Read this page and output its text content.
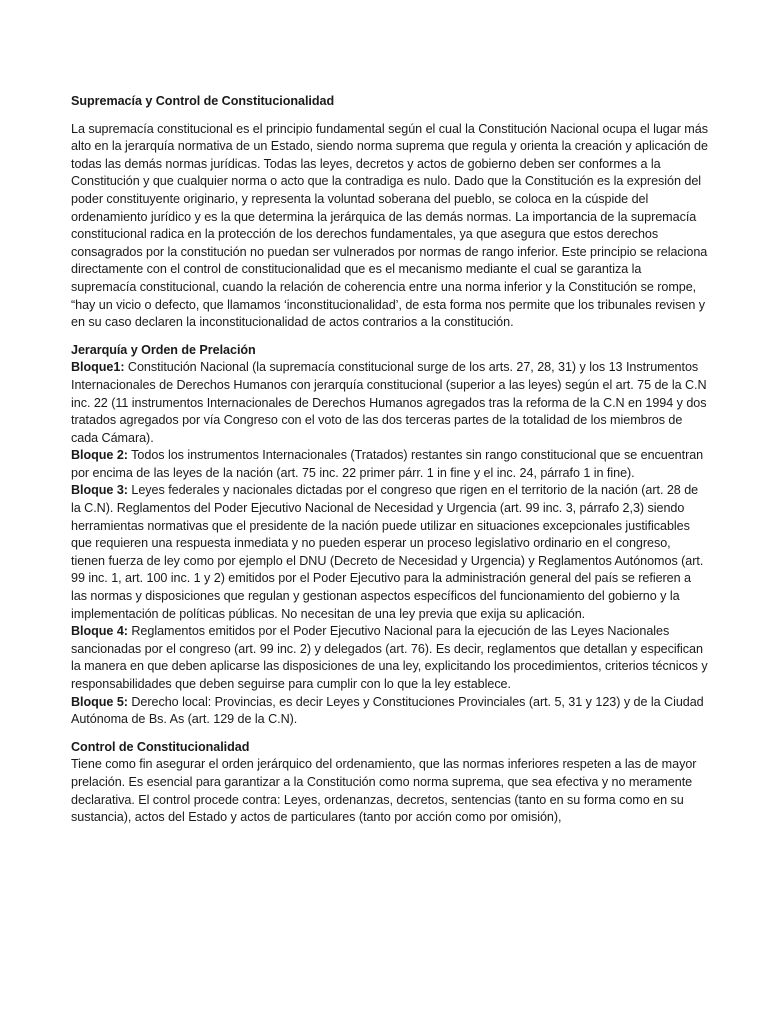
Supremacía y Control de Constitucionalidad

La supremacía constitucional es el principio fundamental según el cual la Constitución Nacional ocupa el lugar más alto en la jerarquía normativa de un Estado, siendo norma suprema que regula y orienta la creación y aplicación de todas las demás normas jurídicas. Todas las leyes, decretos y actos de gobierno deben ser conformes a la Constitución y que cualquier norma o acto que la contradiga es nulo. Dado que la Constitución es la expresión del poder constituyente originario, y representa la voluntad soberana del pueblo, se coloca en la cúspide del ordenamiento jurídico y es la que determina la jerárquica de las demás normas. La importancia de la supremacía constitucional radica en la protección de los derechos fundamentales, ya que asegura que estos derechos consagrados por la constitución no puedan ser vulnerados por normas de rango inferior. Este principio se relaciona directamente con el control de constitucionalidad que es el mecanismo mediante el cual se garantiza la supremacía constitucional, cuando la relación de coherencia entre una norma inferior y la Constitución se rompe, “hay un vicio o defecto, que llamamos ‘inconstitucionalidad’, de esta forma nos permite que los tribunales revisen y en su caso declaren la inconstitucionalidad de actos contrarios a la constitución.

Jerarquía y Orden de Prelación

Bloque1: Constitución Nacional (la supremacía constitucional surge de los arts. 27, 28, 31) y los 13 Instrumentos Internacionales de Derechos Humanos con jerarquía constitucional (superior a las leyes) según el art. 75 de la C.N inc. 22 (11 instrumentos Internacionales de Derechos Humanos agregados tras la reforma de la C.N en 1994 y dos tratados agregados por vía Congreso con el voto de las dos terceras partes de la totalidad de los miembros de cada Cámara).

Bloque 2: Todos los instrumentos Internacionales (Tratados) restantes sin rango constitucional que se encuentran por encima de las leyes de la nación (art. 75 inc. 22 primer párr. 1 in fine y el inc. 24, párrafo 1 in fine).

Bloque 3: Leyes federales y nacionales dictadas por el congreso que rigen en el territorio de la nación (art. 28 de la C.N). Reglamentos del Poder Ejecutivo Nacional de Necesidad y Urgencia (art. 99 inc. 3, párrafo 2,3) siendo herramientas normativas que el presidente de la nación puede utilizar en situaciones excepcionales justificables que requieren una respuesta inmediata y no pueden esperar un proceso legislativo ordinario en el congreso, tienen fuerza de ley como por ejemplo el DNU (Decreto de Necesidad y Urgencia) y Reglamentos Autónomos (art. 99 inc. 1, art. 100 inc. 1 y 2) emitidos por el Poder Ejecutivo para la administración general del país se refieren a las normas y disposiciones que regulan y gestionan aspectos específicos del funcionamiento del gobierno y la implementación de políticas públicas. No necesitan de una ley previa que exija su aplicación.

Bloque 4: Reglamentos emitidos por el Poder Ejecutivo Nacional para la ejecución de las Leyes Nacionales sancionadas por el congreso (art. 99 inc. 2) y delegados (art. 76). Es decir, reglamentos que detallan y especifican la manera en que deben aplicarse las disposiciones de una ley, explicitando los procedimientos, criterios técnicos y responsabilidades que deben seguirse para cumplir con lo que la ley establece.

Bloque 5: Derecho local: Provincias, es decir Leyes y Constituciones Provinciales (art. 5, 31 y 123) y de la Ciudad Autónoma de Bs. As (art. 129 de la C.N).

Control de Constitucionalidad

Tiene como fin asegurar el orden jerárquico del ordenamiento, que las normas inferiores respeten a las de mayor prelación. Es esencial para garantizar a la Constitución como norma suprema, que sea efectiva y no meramente declarativa. El control procede contra: Leyes, ordenanzas, decretos, sentencias (tanto en su forma como en su sustancia), actos del Estado y actos de particulares (tanto por acción como por omisión),
